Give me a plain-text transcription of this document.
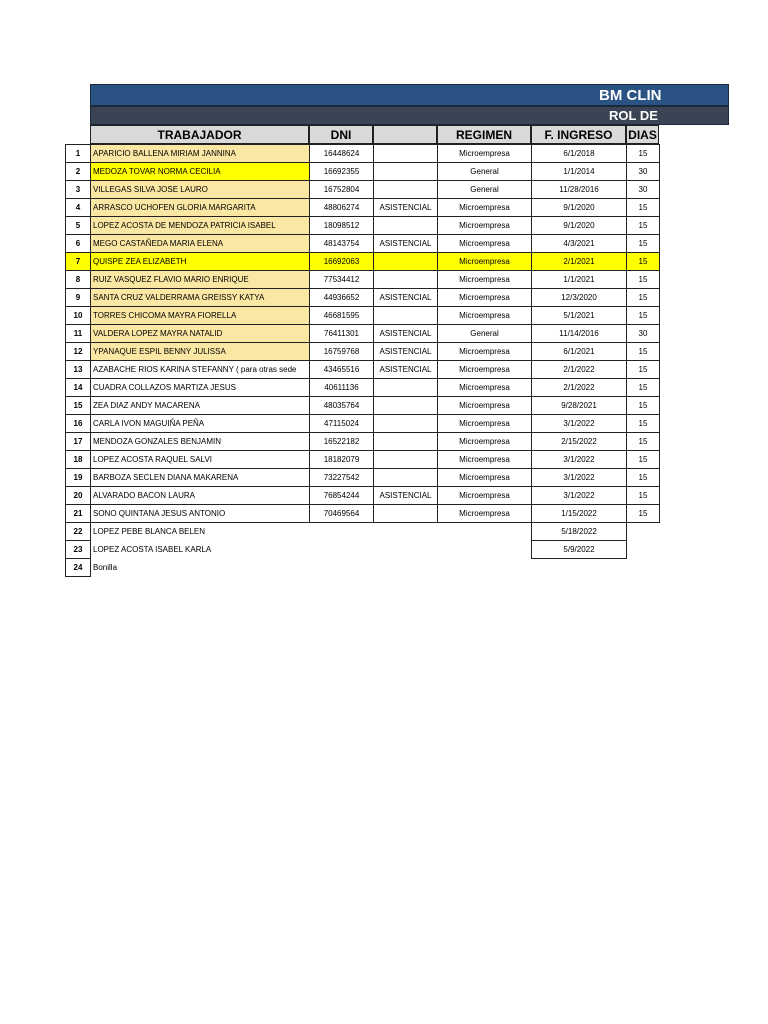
BM CLIN
ROL DE
TRABAJADOR	DNI	REGIMEN	F. INGRESO	DIAS
1	APARICIO BALLENA MIRIAM JANNINA	16448624		Microempresa	6/1/2018	15
2	MEDOZA TOVAR NORMA CECILIA	16692355		General	1/1/2014	30
3	VILLEGAS SILVA JOSE LAURO	16752804		General	11/28/2016	30
4	ARRASCO UCHOFEN GLORIA MARGARITA	48806274	ASISTENCIAL	Microempresa	9/1/2020	15
5	LOPEZ ACOSTA DE MENDOZA PATRICIA ISABEL	18098512		Microempresa	9/1/2020	15
6	MEGO CASTAÑEDA MARIA ELENA	48143754	ASISTENCIAL	Microempresa	4/3/2021	15
7	QUISPE ZEA ELIZABETH	16692063		Microempresa	2/1/2021	15
8	RUIZ VASQUEZ FLAVIO MARIO ENRIQUE	77534412		Microempresa	1/1/2021	15
9	SANTA CRUZ VALDERRAMA GREISSY KATYA	44936652	ASISTENCIAL	Microempresa	12/3/2020	15
10	TORRES CHICOMA MAYRA FIORELLA	46681595		Microempresa	5/1/2021	15
11	VALDERA LOPEZ MAYRA NATALID	76411301	ASISTENCIAL	General	11/14/2016	30
12	YPANAQUE ESPIL BENNY JULISSA	16759768	ASISTENCIAL	Microempresa	6/1/2021	15
13	AZABACHE RIOS KARINA STEFANNY ( para otras sede	43465516	ASISTENCIAL	Microempresa	2/1/2022	15
14	CUADRA COLLAZOS MARTIZA JESUS	40611136		Microempresa	2/1/2022	15
15	ZEA DIAZ ANDY MACARENA	48035764		Microempresa	9/28/2021	15
16	CARLA IVON MAGUIÑA PEÑA	47115024		Microempresa	3/1/2022	15
17	MENDOZA GONZALES BENJAMIN	16522182		Microempresa	2/15/2022	15
18	LOPEZ ACOSTA RAQUEL SALVI	18182079		Microempresa	3/1/2022	15
19	BARBOZA SECLEN DIANA MAKARENA	73227542		Microempresa	3/1/2022	15
20	ALVARADO BACON LAURA	76854244	ASISTENCIAL	Microempresa	3/1/2022	15
21	SONO QUINTANA JESUS ANTONIO	70469564		Microempresa	1/15/2022	15
22	LOPEZ PEBE BLANCA BELEN				5/18/2022	
23	LOPEZ ACOSTA ISABEL KARLA				5/9/2022	
24	Bonilla					
